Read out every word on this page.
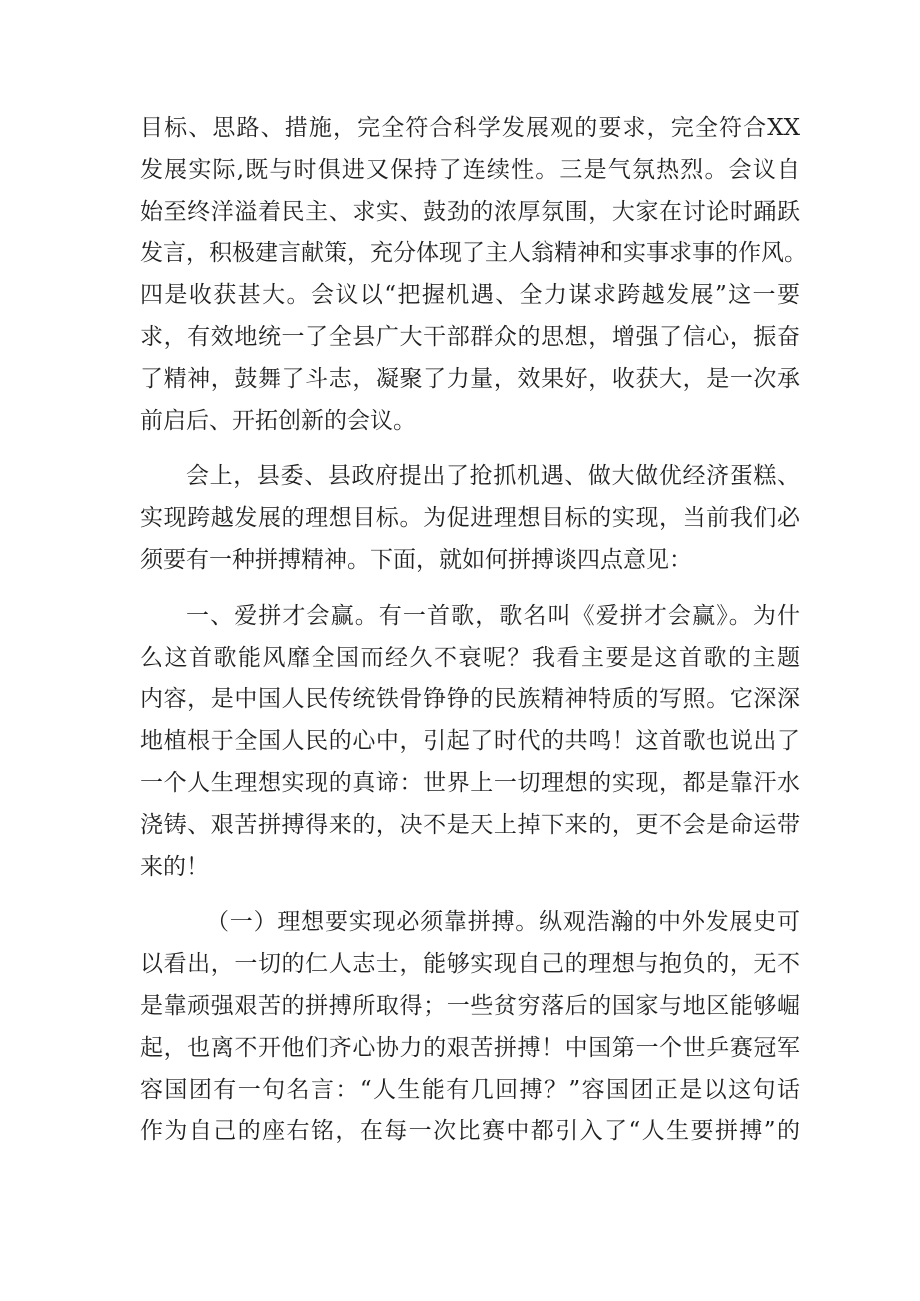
目标、思路、措施，完全符合科学发展观的要求，完全符合XX
发展实际,既与时俱进又保持了连续性。三是气氛热烈。会议自
始至终洋溢着民主、求实、鼓劲的浓厚氛围，大家在讨论时踊跃
发言，积极建言献策，充分体现了主人翁精神和实事求事的作风。
四是收获甚大。会议以“把握机遇、全力谋求跨越发展”这一要
求，有效地统一了全县广大干部群众的思想，增强了信心，振奋
了精神，鼓舞了斗志，凝聚了力量，效果好，收获大，是一次承
前启后、开拓创新的会议。
会上，县委、县政府提出了抢抓机遇、做大做优经济蛋糕、
实现跨越发展的理想目标。为促进理想目标的实现，当前我们必
须要有一种拼搏精神。下面，就如何拼搏谈四点意见：
一、爱拼才会赢。有一首歌，歌名叫《爱拼才会赢》。为什
么这首歌能风靡全国而经久不衰呢？我看主要是这首歌的主题
内容，是中国人民传统铁骨铮铮的民族精神特质的写照。它深深
地植根于全国人民的心中，引起了时代的共鸣！这首歌也说出了
一个人生理想实现的真谛：世界上一切理想的实现，都是靠汗水
浇铸、艰苦拼搏得来的，决不是天上掉下来的，更不会是命运带
来的！
（一）理想要实现必须靠拼搏。纵观浩瀚的中外发展史可
以看出，一切的仁人志士，能够实现自己的理想与抱负的，无不
是靠顽强艰苦的拼搏所取得；一些贫穷落后的国家与地区能够崛
起，也离不开他们齐心协力的艰苦拼搏！中国第一个世乒赛冠军
容国团有一句名言：“人生能有几回搏？”容国团正是以这句话
作为自己的座右铭，在每一次比赛中都引入了“人生要拼搏”的
